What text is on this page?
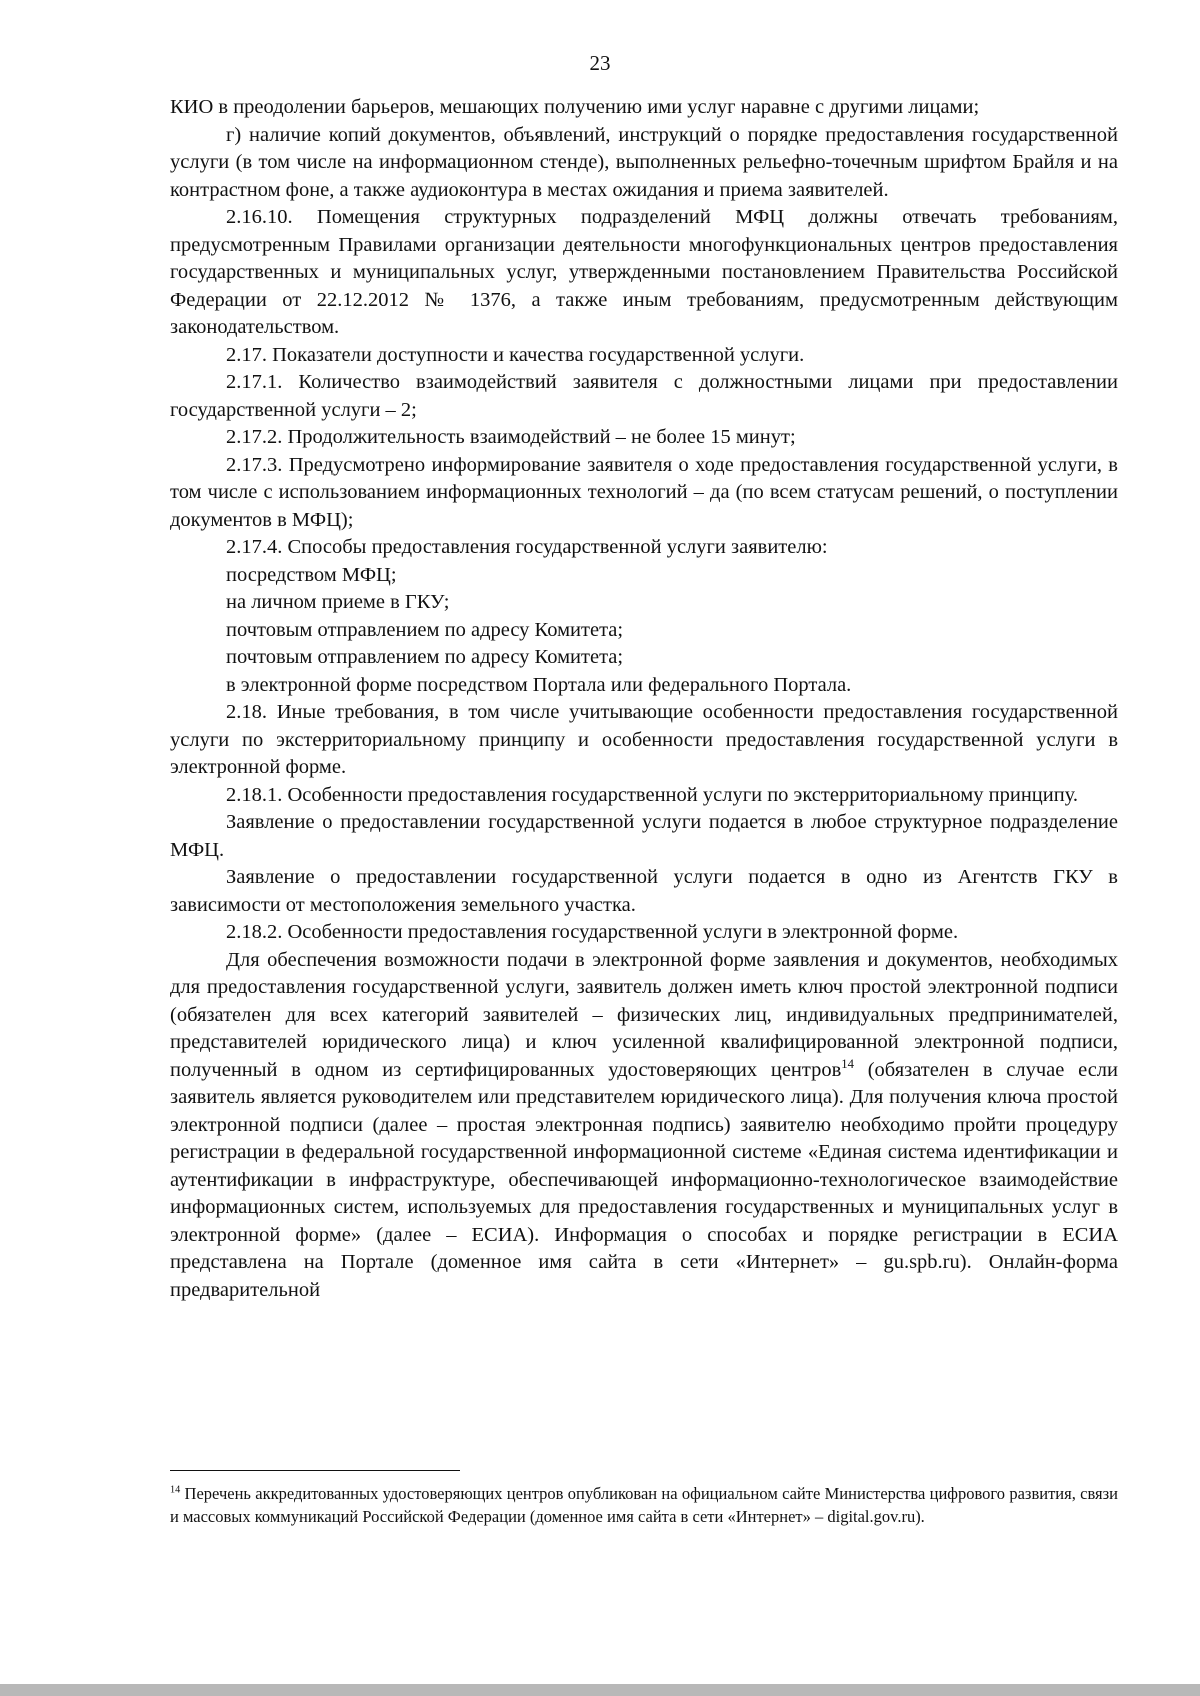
23

КИО в преодолении барьеров, мешающих получению ими услуг наравне с другими лицами;

г) наличие копий документов, объявлений, инструкций о порядке предоставления государственной услуги (в том числе на информационном стенде), выполненных рельефно-точечным шрифтом Брайля и на контрастном фоне, а также аудиоконтура в местах ожидания и приема заявителей.

2.16.10. Помещения структурных подразделений МФЦ должны отвечать требованиям, предусмотренным Правилами организации деятельности многофункциональных центров предоставления государственных и муниципальных услуг, утвержденными постановлением Правительства Российской Федерации от 22.12.2012 № 1376, а также иным требованиям, предусмотренным действующим законодательством.

2.17. Показатели доступности и качества государственной услуги.

2.17.1. Количество взаимодействий заявителя с должностными лицами при предоставлении государственной услуги – 2;

2.17.2. Продолжительность взаимодействий – не более 15 минут;

2.17.3. Предусмотрено информирование заявителя о ходе предоставления государственной услуги, в том числе с использованием информационных технологий – да (по всем статусам решений, о поступлении документов в МФЦ);

2.17.4. Способы предоставления государственной услуги заявителю:

посредством МФЦ;

на личном приеме в ГКУ;

почтовым отправлением по адресу Комитета;

почтовым отправлением по адресу Комитета;

в электронной форме посредством Портала или федерального Портала.

2.18. Иные требования, в том числе учитывающие особенности предоставления государственной услуги по экстерриториальному принципу и особенности предоставления государственной услуги в электронной форме.

2.18.1. Особенности предоставления государственной услуги по экстерриториальному принципу.

Заявление о предоставлении государственной услуги подается в любое структурное подразделение МФЦ.

Заявление о предоставлении государственной услуги подается в одно из Агентств ГКУ в зависимости от местоположения земельного участка.

2.18.2. Особенности предоставления государственной услуги в электронной форме.

Для обеспечения возможности подачи в электронной форме заявления и документов, необходимых для предоставления государственной услуги, заявитель должен иметь ключ простой электронной подписи (обязателен для всех категорий заявителей – физических лиц, индивидуальных предпринимателей, представителей юридического лица) и ключ усиленной квалифицированной электронной подписи, полученный в одном из сертифицированных удостоверяющих центров$^{14}$ (обязателен в случае если заявитель является руководителем или представителем юридического лица). Для получения ключа простой электронной подписи (далее – простая электронная подпись) заявителю необходимо пройти процедуру регистрации в федеральной государственной информационной системе «Единая система идентификации и аутентификации в инфраструктуре, обеспечивающей информационно-технологическое взаимодействие информационных систем, используемых для предоставления государственных и муниципальных услуг в электронной форме» (далее – ЕСИА). Информация о способах и порядке регистрации в ЕСИА представлена на Портале (доменное имя сайта в сети «Интернет» – gu.spb.ru). Онлайн-форма предварительной

$^{14}$ Перечень аккредитованных удостоверяющих центров опубликован на официальном сайте Министерства цифрового развития, связи и массовых коммуникаций Российской Федерации (доменное имя сайта в сети «Интернет» – digital.gov.ru).
